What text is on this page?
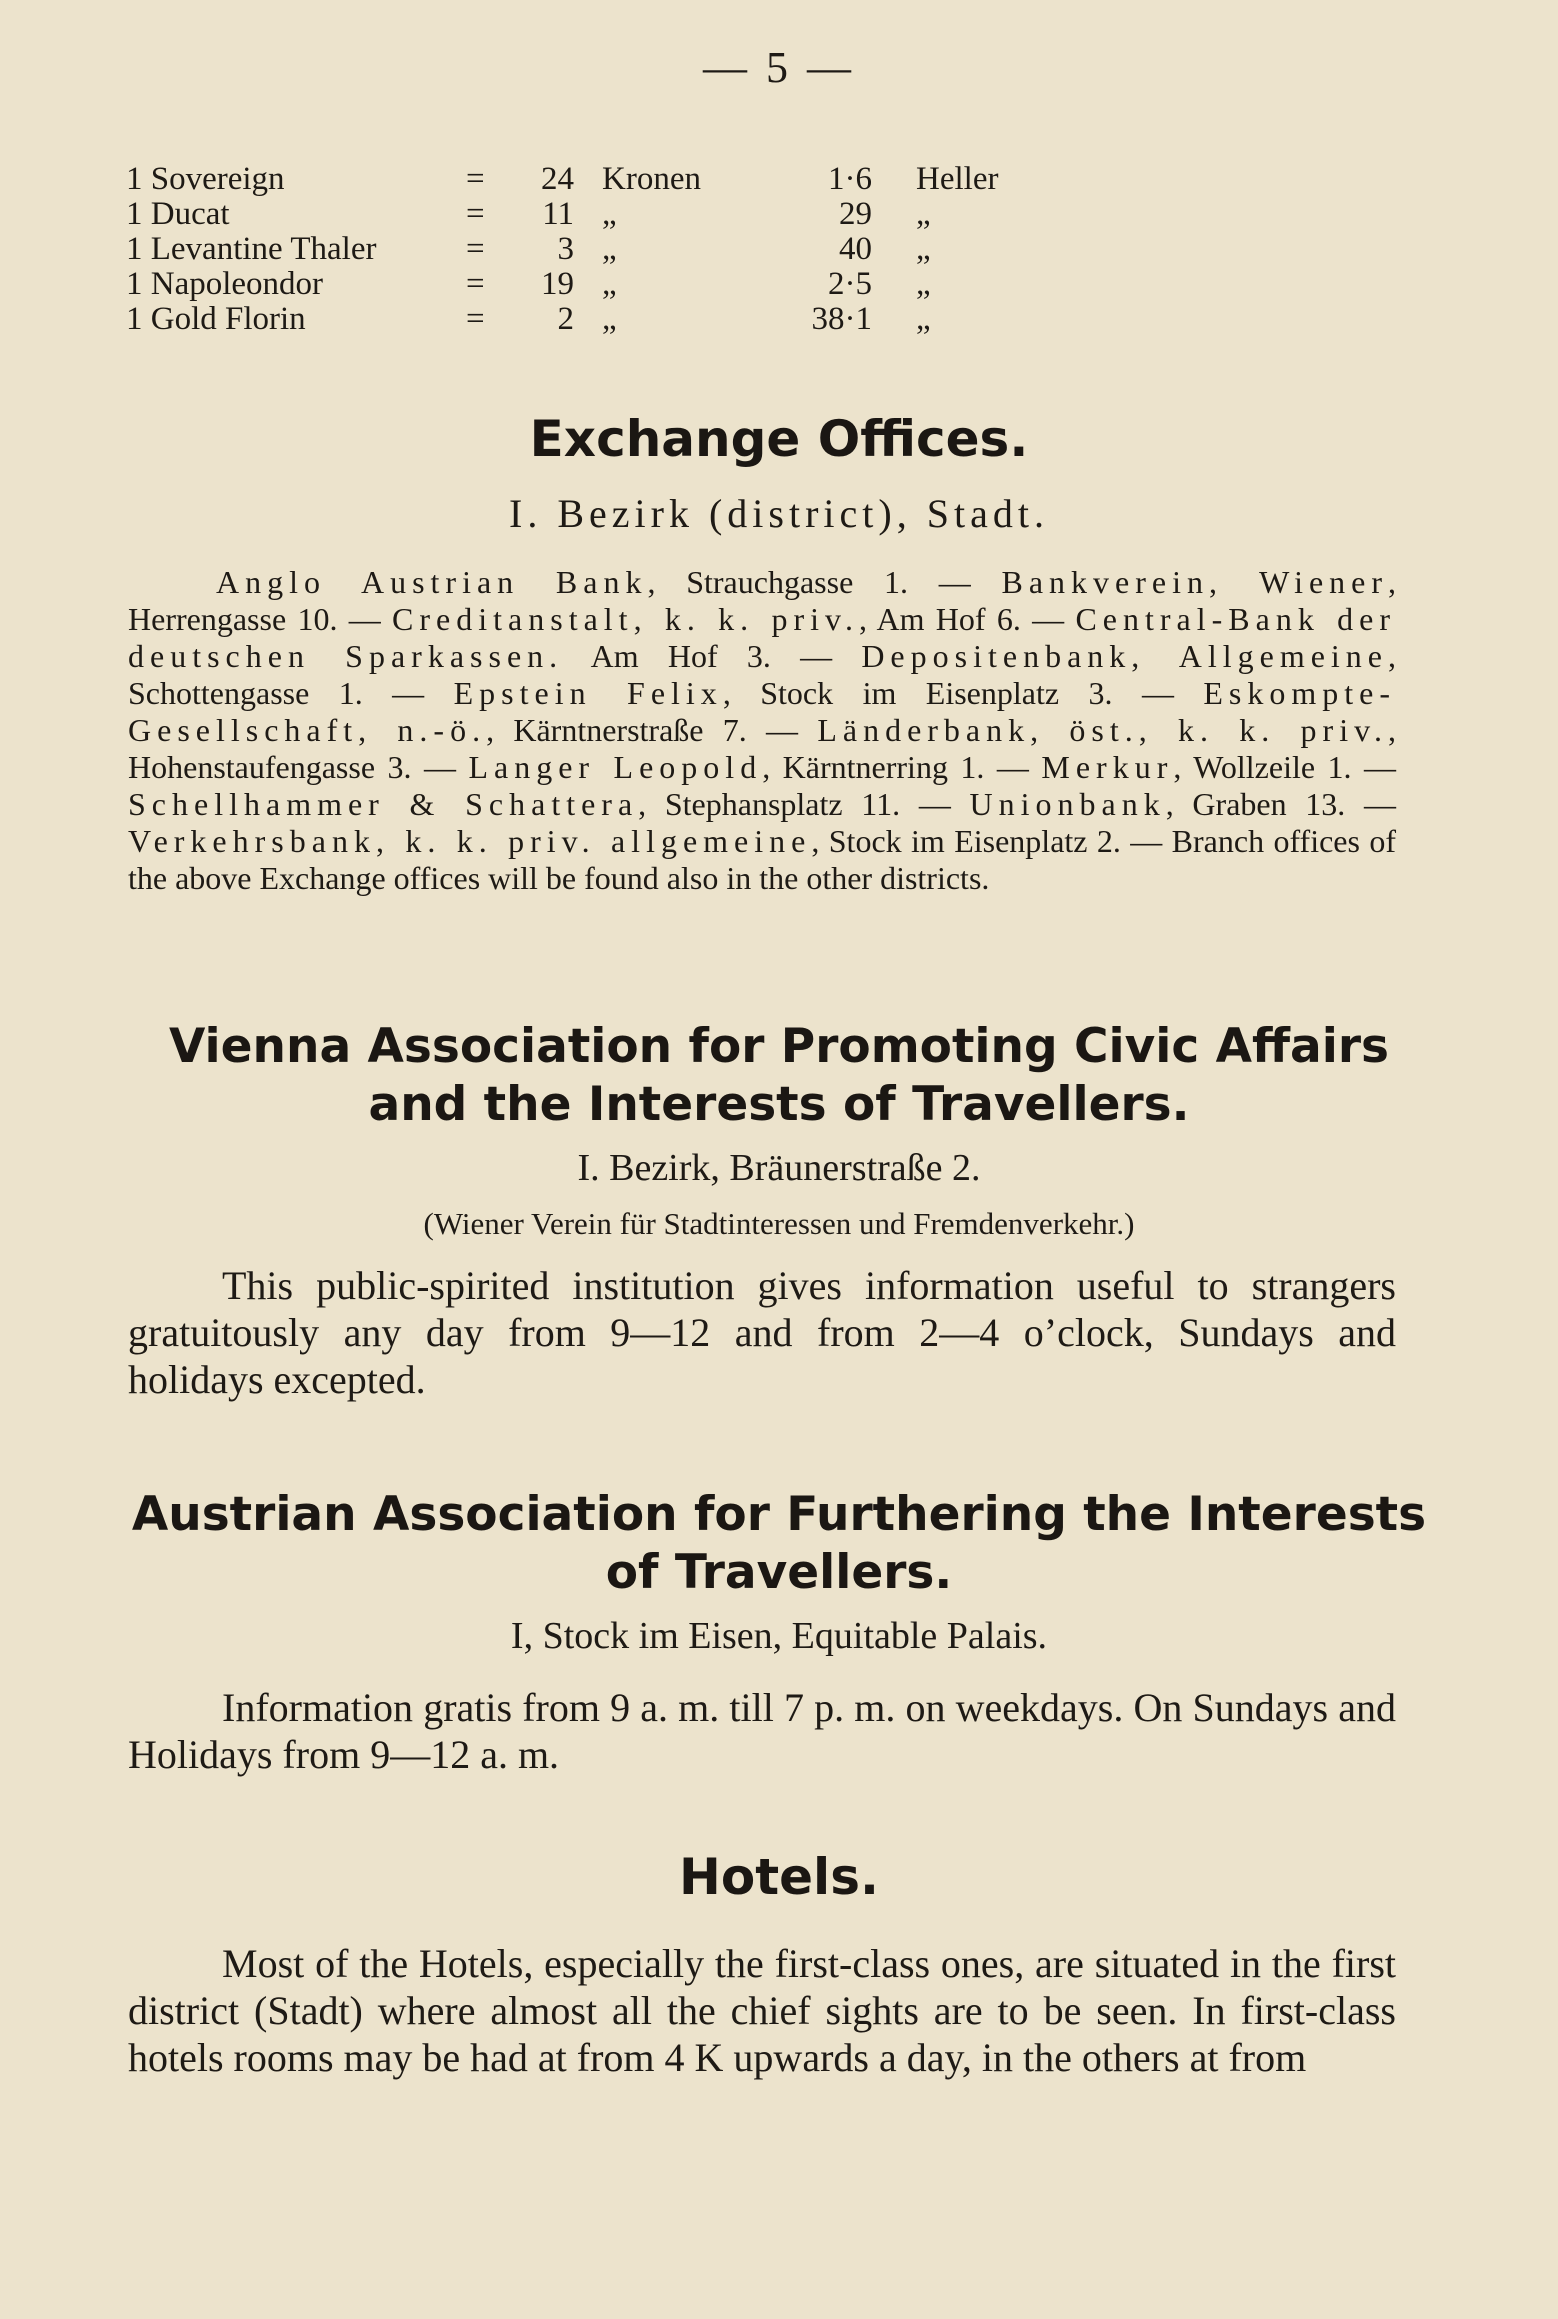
— 5 —
1 Sovereign	=	24 Kronen	1·6 Heller
1 Ducat	=	11 „	29 „
1 Levantine Thaler	=	3 „	40 „
1 Napoleondor	=	19 „	2·5 „
1 Gold Florin	=	2 „	38·1 „
Exchange Offices.

I. Bezirk (district), Stadt.

Anglo Austrian Bank, Strauchgasse 1. — Bankverein, Wiener, Herrengasse 10. — Creditanstalt, k. k. priv., Am Hof 6. — Central-Bank der deutschen Sparkassen. Am Hof 3. — Depositenbank, Allgemeine, Schottengasse 1. — Epstein Felix, Stock im Eisenplatz 3. — Eskompte-Gesellschaft, n.-ö., Kärntnerstraße 7. — Länderbank, öst., k. k. priv., Hohenstaufengasse 3. — Langer Leopold, Kärntnerring 1. — Merkur, Wollzeile 1. — Schellhammer & Schattera, Stephansplatz 11. — Unionbank, Graben 13. — Verkehrsbank, k. k. priv. allgemeine, Stock im Eisenplatz 2. — Branch offices of the above Exchange offices will be found also in the other districts.

Vienna Association for Promoting Civic Affairs
and the Interests of Travellers.

I. Bezirk, Bräunerstraße 2.

(Wiener Verein für Stadtinteressen und Fremdenverkehr.)

This public-spirited institution gives information useful to strangers gratuitously any day from 9—12 and from 2—4 o’clock, Sundays and holidays excepted.

Austrian Association for Furthering the Interests
of Travellers.

I, Stock im Eisen, Equitable Palais.

Information gratis from 9 a. m. till 7 p. m. on weekdays. On Sundays and Holidays from 9—12 a. m.

Hotels.

Most of the Hotels, especially the first-class ones, are situated in the first district (Stadt) where almost all the chief sights are to be seen. In first-class hotels rooms may be had at from 4 K upwards a day, in the others at from
